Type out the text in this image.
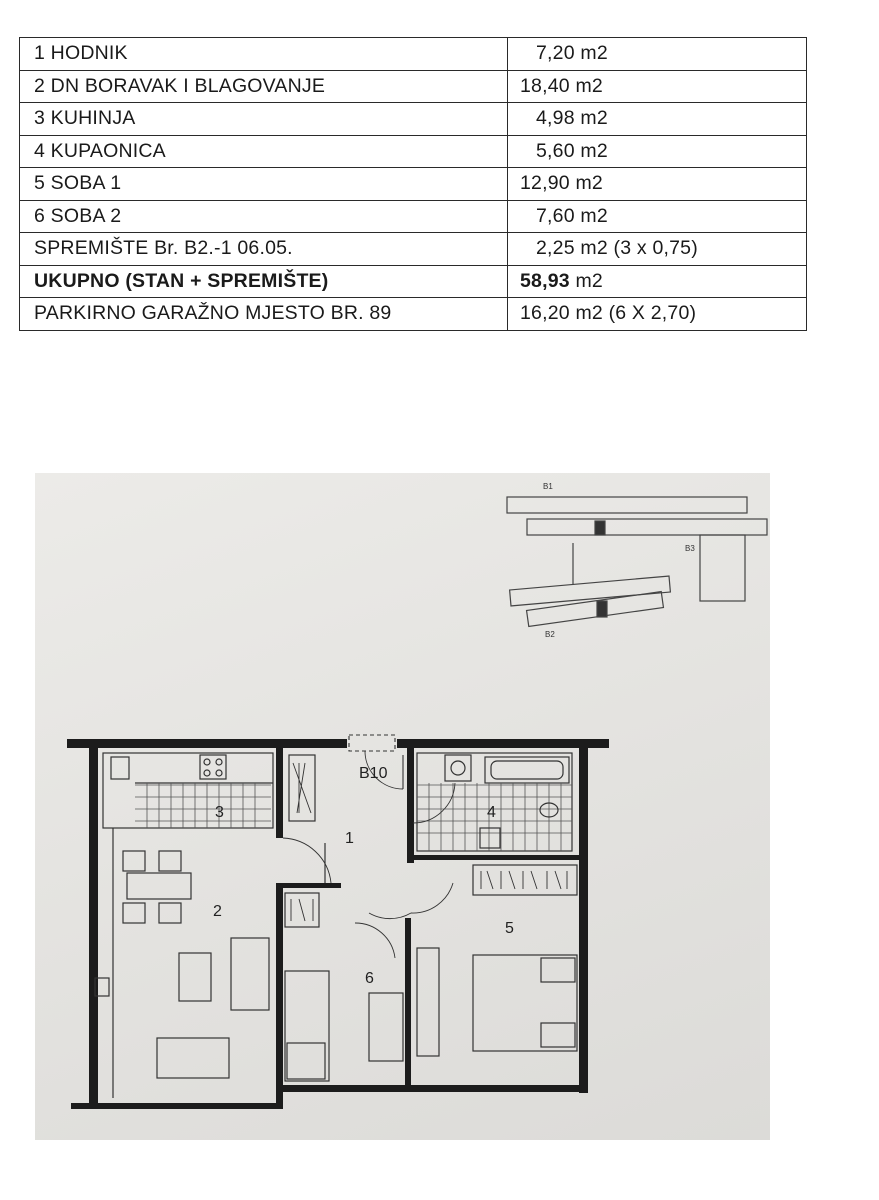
1 HODNIK	7,20 m2
2 DN BORAVAK I BLAGOVANJE	18,40 m2
3 KUHINJA	4,98 m2
4 KUPAONICA	5,60 m2
5 SOBA 1	12,90 m2
6 SOBA 2	7,60 m2
SPREMIŠTE Br. B2.-1 06.05.	2,25 m2 (3 x 0,75)
UKUPNO (STAN + SPREMIŠTE)	58,93 m2
PARKIRNO GARAŽNO MJESTO BR. 89	16,20 m2 (6 X 2,70)
B1
B3
B2
3
1
B10
4
2
5
6
